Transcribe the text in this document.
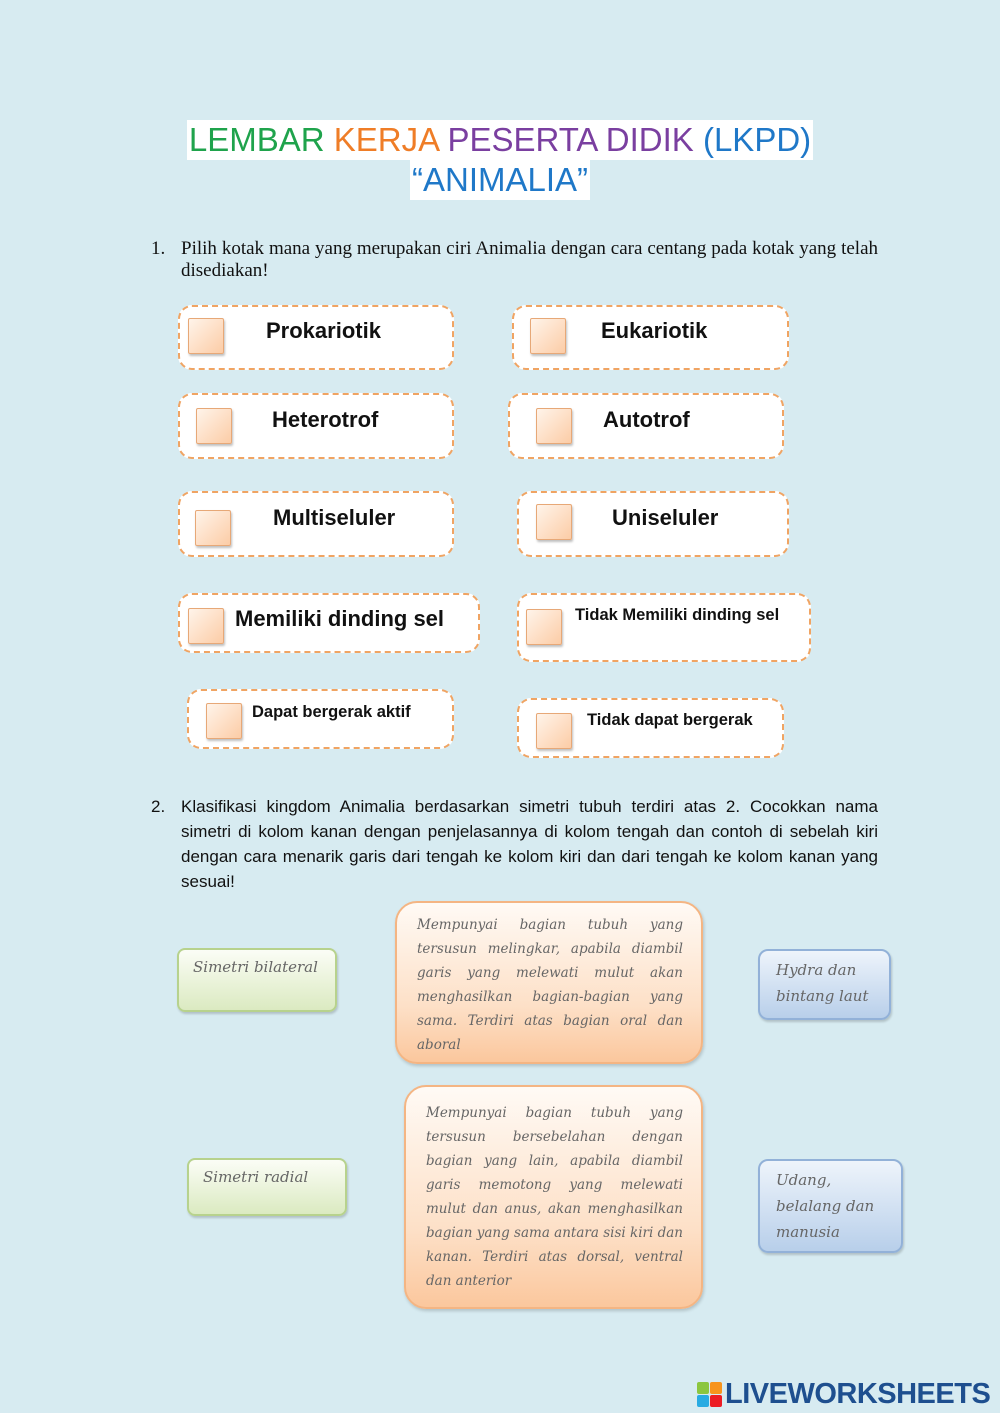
LEMBAR KERJA PESERTA DIDIK (LKPD)
“ANIMALIA”
1. Pilih kotak mana yang merupakan ciri Animalia dengan cara centang pada kotak yang telah disediakan!
Prokariotik	Eukariotik
Heterotrof	Autotrof
Multiseluler	Uniseluler
Memiliki dinding sel	Tidak Memiliki dinding sel
Dapat bergerak aktif	Tidak dapat bergerak
2. Klasifikasi kingdom Animalia berdasarkan simetri tubuh terdiri atas 2. Cocokkan nama simetri di kolom kanan dengan penjelasannya di kolom tengah dan contoh di sebelah kiri dengan cara menarik garis dari tengah ke kolom kiri dan dari tengah ke kolom kanan yang sesuai!
Simetri bilateral
Simetri radial
Mempunyai bagian tubuh yang tersusun melingkar, apabila diambil garis yang melewati mulut akan menghasilkan bagian-bagian yang sama. Terdiri atas bagian oral dan aboral
Mempunyai bagian tubuh yang tersusun bersebelahan dengan bagian yang lain, apabila diambil garis memotong yang melewati mulut dan anus, akan menghasilkan bagian yang sama antara sisi kiri dan kanan. Terdiri atas dorsal, ventral dan anterior
Hydra dan bintang laut
Udang, belalang dan manusia
LIVEWORKSHEETS
